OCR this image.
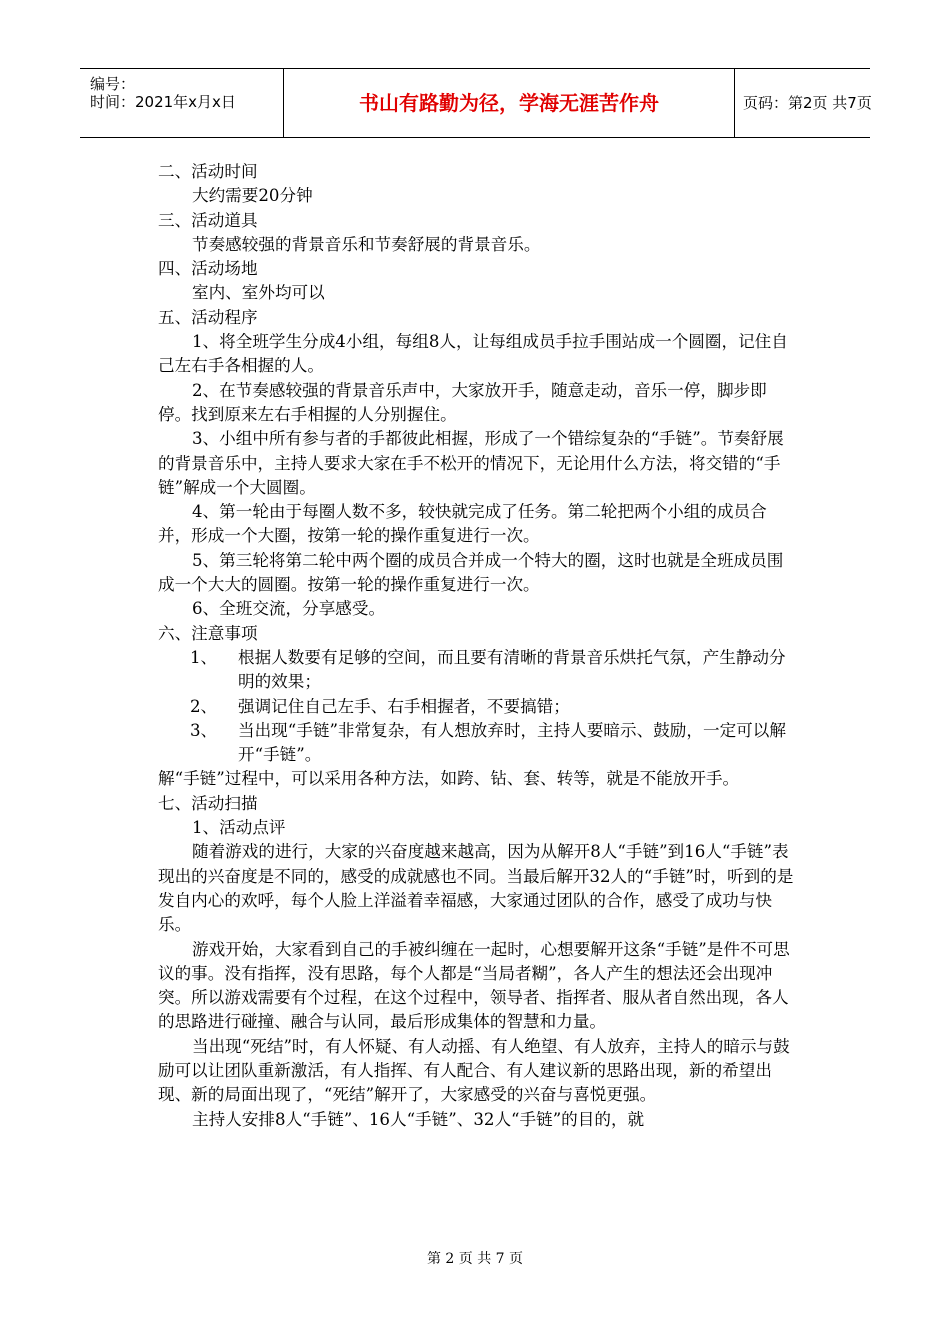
编号：
时间：2021年x月x日	书山有路勤为径，学海无涯苦作舟	页码：第2页 共7页

二、活动时间

大约需要20分钟

三、活动道具

节奏感较强的背景音乐和节奏舒展的背景音乐。

四、活动场地

室内、室外均可以

五、活动程序

1、将全班学生分成4小组，每组8人，让每组成员手拉手围站成一个圆圈，记住自己左右手各相握的人。

2、在节奏感较强的背景音乐声中，大家放开手，随意走动，音乐一停，脚步即停。找到原来左右手相握的人分别握住。

3、小组中所有参与者的手都彼此相握，形成了一个错综复杂的“手链”。节奏舒展的背景音乐中，主持人要求大家在手不松开的情况下，无论用什么方法，将交错的“手链”解成一个大圆圈。

4、第一轮由于每圈人数不多，较快就完成了任务。第二轮把两个小组的成员合并，形成一个大圈，按第一轮的操作重复进行一次。

5、第三轮将第二轮中两个圈的成员合并成一个特大的圈，这时也就是全班成员围成一个大大的圆圈。按第一轮的操作重复进行一次。

6、全班交流，分享感受。

六、注意事项

1、 根据人数要有足够的空间，而且要有清晰的背景音乐烘托气氛，产生静动分明的效果；
2、 强调记住自己左手、右手相握者，不要搞错；
3、 当出现“手链”非常复杂，有人想放弃时，主持人要暗示、鼓励，一定可以解开“手链”。

解“手链”过程中，可以采用各种方法，如跨、钻、套、转等，就是不能放开手。

七、活动扫描

1、活动点评

随着游戏的进行，大家的兴奋度越来越高，因为从解开8人“手链”到16人“手链”表现出的兴奋度是不同的，感受的成就感也不同。当最后解开32人的“手链”时，听到的是发自内心的欢呼，每个人脸上洋溢着幸福感，大家通过团队的合作，感受了成功与快乐。

游戏开始，大家看到自己的手被纠缠在一起时，心想要解开这条“手链”是件不可思议的事。没有指挥，没有思路，每个人都是“当局者糊”，各人产生的想法还会出现冲突。所以游戏需要有个过程，在这个过程中，领导者、指挥者、服从者自然出现，各人的思路进行碰撞、融合与认同，最后形成集体的智慧和力量。

当出现“死结”时，有人怀疑、有人动摇、有人绝望、有人放弃，主持人的暗示与鼓励可以让团队重新激活，有人指挥、有人配合、有人建议新的思路出现，新的希望出现、新的局面出现了，“死结”解开了，大家感受的兴奋与喜悦更强。

主持人安排8人“手链”、16人“手链”、32人“手链”的目的，就

第 2 页 共 7 页
